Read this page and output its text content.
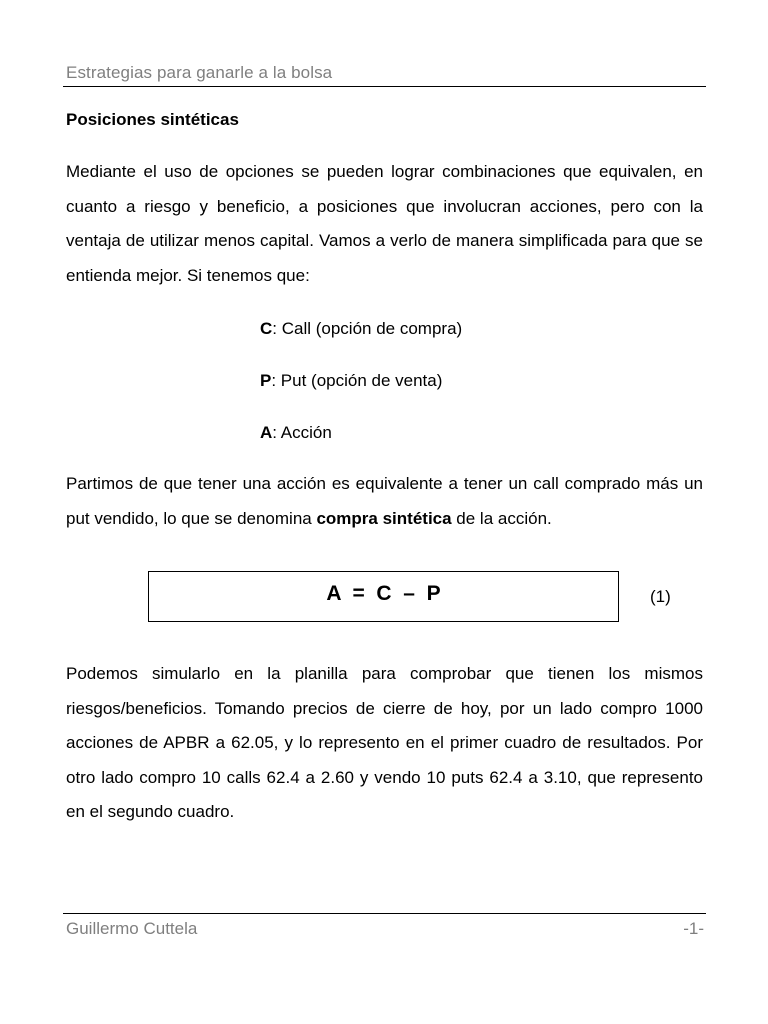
Estrategias para ganarle a la bolsa
Posiciones sintéticas
Mediante el uso de opciones se pueden lograr combinaciones que equivalen, en cuanto a riesgo y beneficio, a posiciones que involucran acciones, pero con la ventaja de utilizar menos capital. Vamos a verlo de manera simplificada para que se entienda mejor. Si tenemos que:
C: Call (opción de compra)
P: Put (opción de venta)
A: Acción
Partimos de que tener una acción es equivalente a tener un call comprado más un put vendido, lo que se denomina compra sintética de la acción.
A  =  C  –  P	(1)
Podemos simularlo en la planilla para comprobar que tienen los mismos riesgos/beneficios. Tomando precios de cierre de hoy, por un lado compro 1000 acciones de APBR a 62.05, y lo represento en el primer cuadro de resultados. Por otro lado compro 10 calls 62.4 a 2.60 y vendo 10 puts 62.4 a 3.10, que represento en el segundo cuadro.
Guillermo Cuttela	-1-
